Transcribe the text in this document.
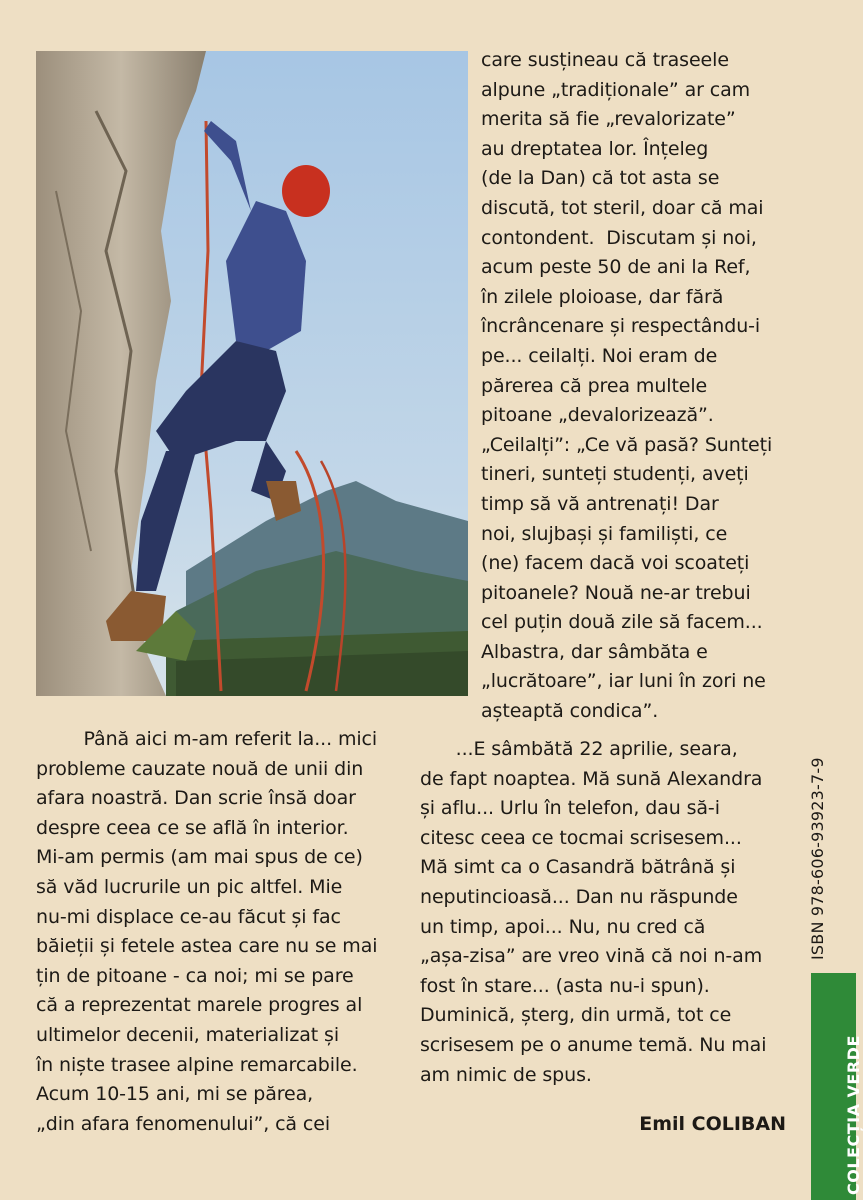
care susțineau că traseele
alpune „tradiționale” ar cam
merita să fie „revalorizate”
au dreptatea lor. Înțeleg
(de la Dan) că tot asta se
discută, tot steril, doar că mai
contondent.  Discutam și noi,
acum peste 50 de ani la Ref,
în zilele ploioase, dar fără
încrâncenare și respectându-i
pe... ceilalți. Noi eram de
părerea că prea multele
pitoane „devalorizează”.
„Ceilalți”: „Ce vă pasă? Sunteți
tineri, sunteți studenți, aveți
timp să vă antrenați! Dar
noi, slujbași și familiști, ce
(ne) facem dacă voi scoateți
pitoanele? Nouă ne-ar trebui
cel puțin două zile să facem...
Albastra, dar sâmbăta e
„lucrătoare”, iar luni în zori ne
așteaptă condica”.
...E sâmbătă 22 aprilie, seara,
de fapt noaptea. Mă sună Alexandra
și aflu... Urlu în telefon, dau să-i
citesc ceea ce tocmai scrisesem...
Mă simt ca o Casandră bătrână și
neputincioasă... Dan nu răspunde
un timp, apoi... Nu, nu cred că
„așa-zisa” are vreo vină că noi n-am
fost în stare... (asta nu-i spun).
Duminică, șterg, din urmă, tot ce
scrisesem pe o anume temă. Nu mai
am nimic de spus.
Până aici m-am referit la... mici
probleme cauzate nouă de unii din
afara noastră. Dan scrie însă doar
despre ceea ce se află în interior.
Mi-am permis (am mai spus de ce)
să văd lucrurile un pic altfel. Mie
nu-mi displace ce-au făcut și fac
băieții și fetele astea care nu se mai
țin de pitoane - ca noi; mi se pare
că a reprezentat marele progres al
ultimelor decenii, materializat și
în niște trasee alpine remarcabile.
Acum 10-15 ani, mi se părea,
„din afara fenomenului”, că cei	Emil COLIBAN
ISBN 978-606-93923-7-9
COLECȚIA VERDE
